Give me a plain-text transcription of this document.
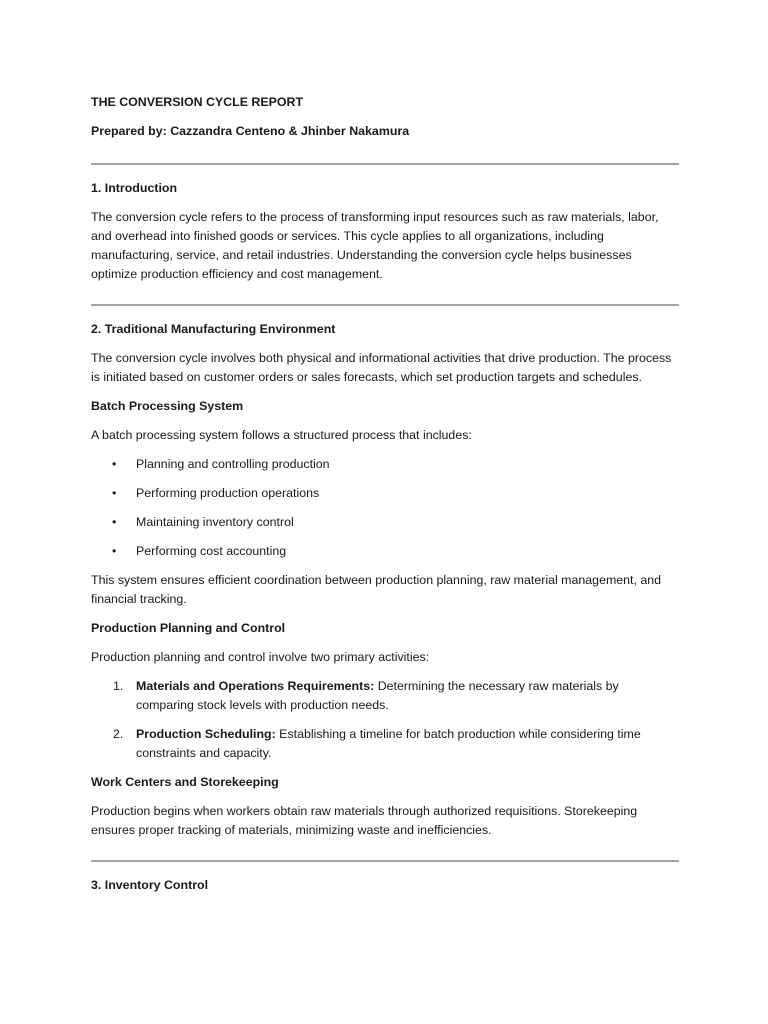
THE CONVERSION CYCLE REPORT

Prepared by: Cazzandra Centeno & Jhinber Nakamura

1. Introduction

The conversion cycle refers to the process of transforming input resources such as raw materials, labor, and overhead into finished goods or services. This cycle applies to all organizations, including manufacturing, service, and retail industries. Understanding the conversion cycle helps businesses optimize production efficiency and cost management.

2. Traditional Manufacturing Environment

The conversion cycle involves both physical and informational activities that drive production. The process is initiated based on customer orders or sales forecasts, which set production targets and schedules.

Batch Processing System

A batch processing system follows a structured process that includes:

• Planning and controlling production
• Performing production operations
• Maintaining inventory control
• Performing cost accounting

This system ensures efficient coordination between production planning, raw material management, and financial tracking.

Production Planning and Control

Production planning and control involve two primary activities:

1. Materials and Operations Requirements: Determining the necessary raw materials by comparing stock levels with production needs.
2. Production Scheduling: Establishing a timeline for batch production while considering time constraints and capacity.

Work Centers and Storekeeping

Production begins when workers obtain raw materials through authorized requisitions. Storekeeping ensures proper tracking of materials, minimizing waste and inefficiencies.

3. Inventory Control
